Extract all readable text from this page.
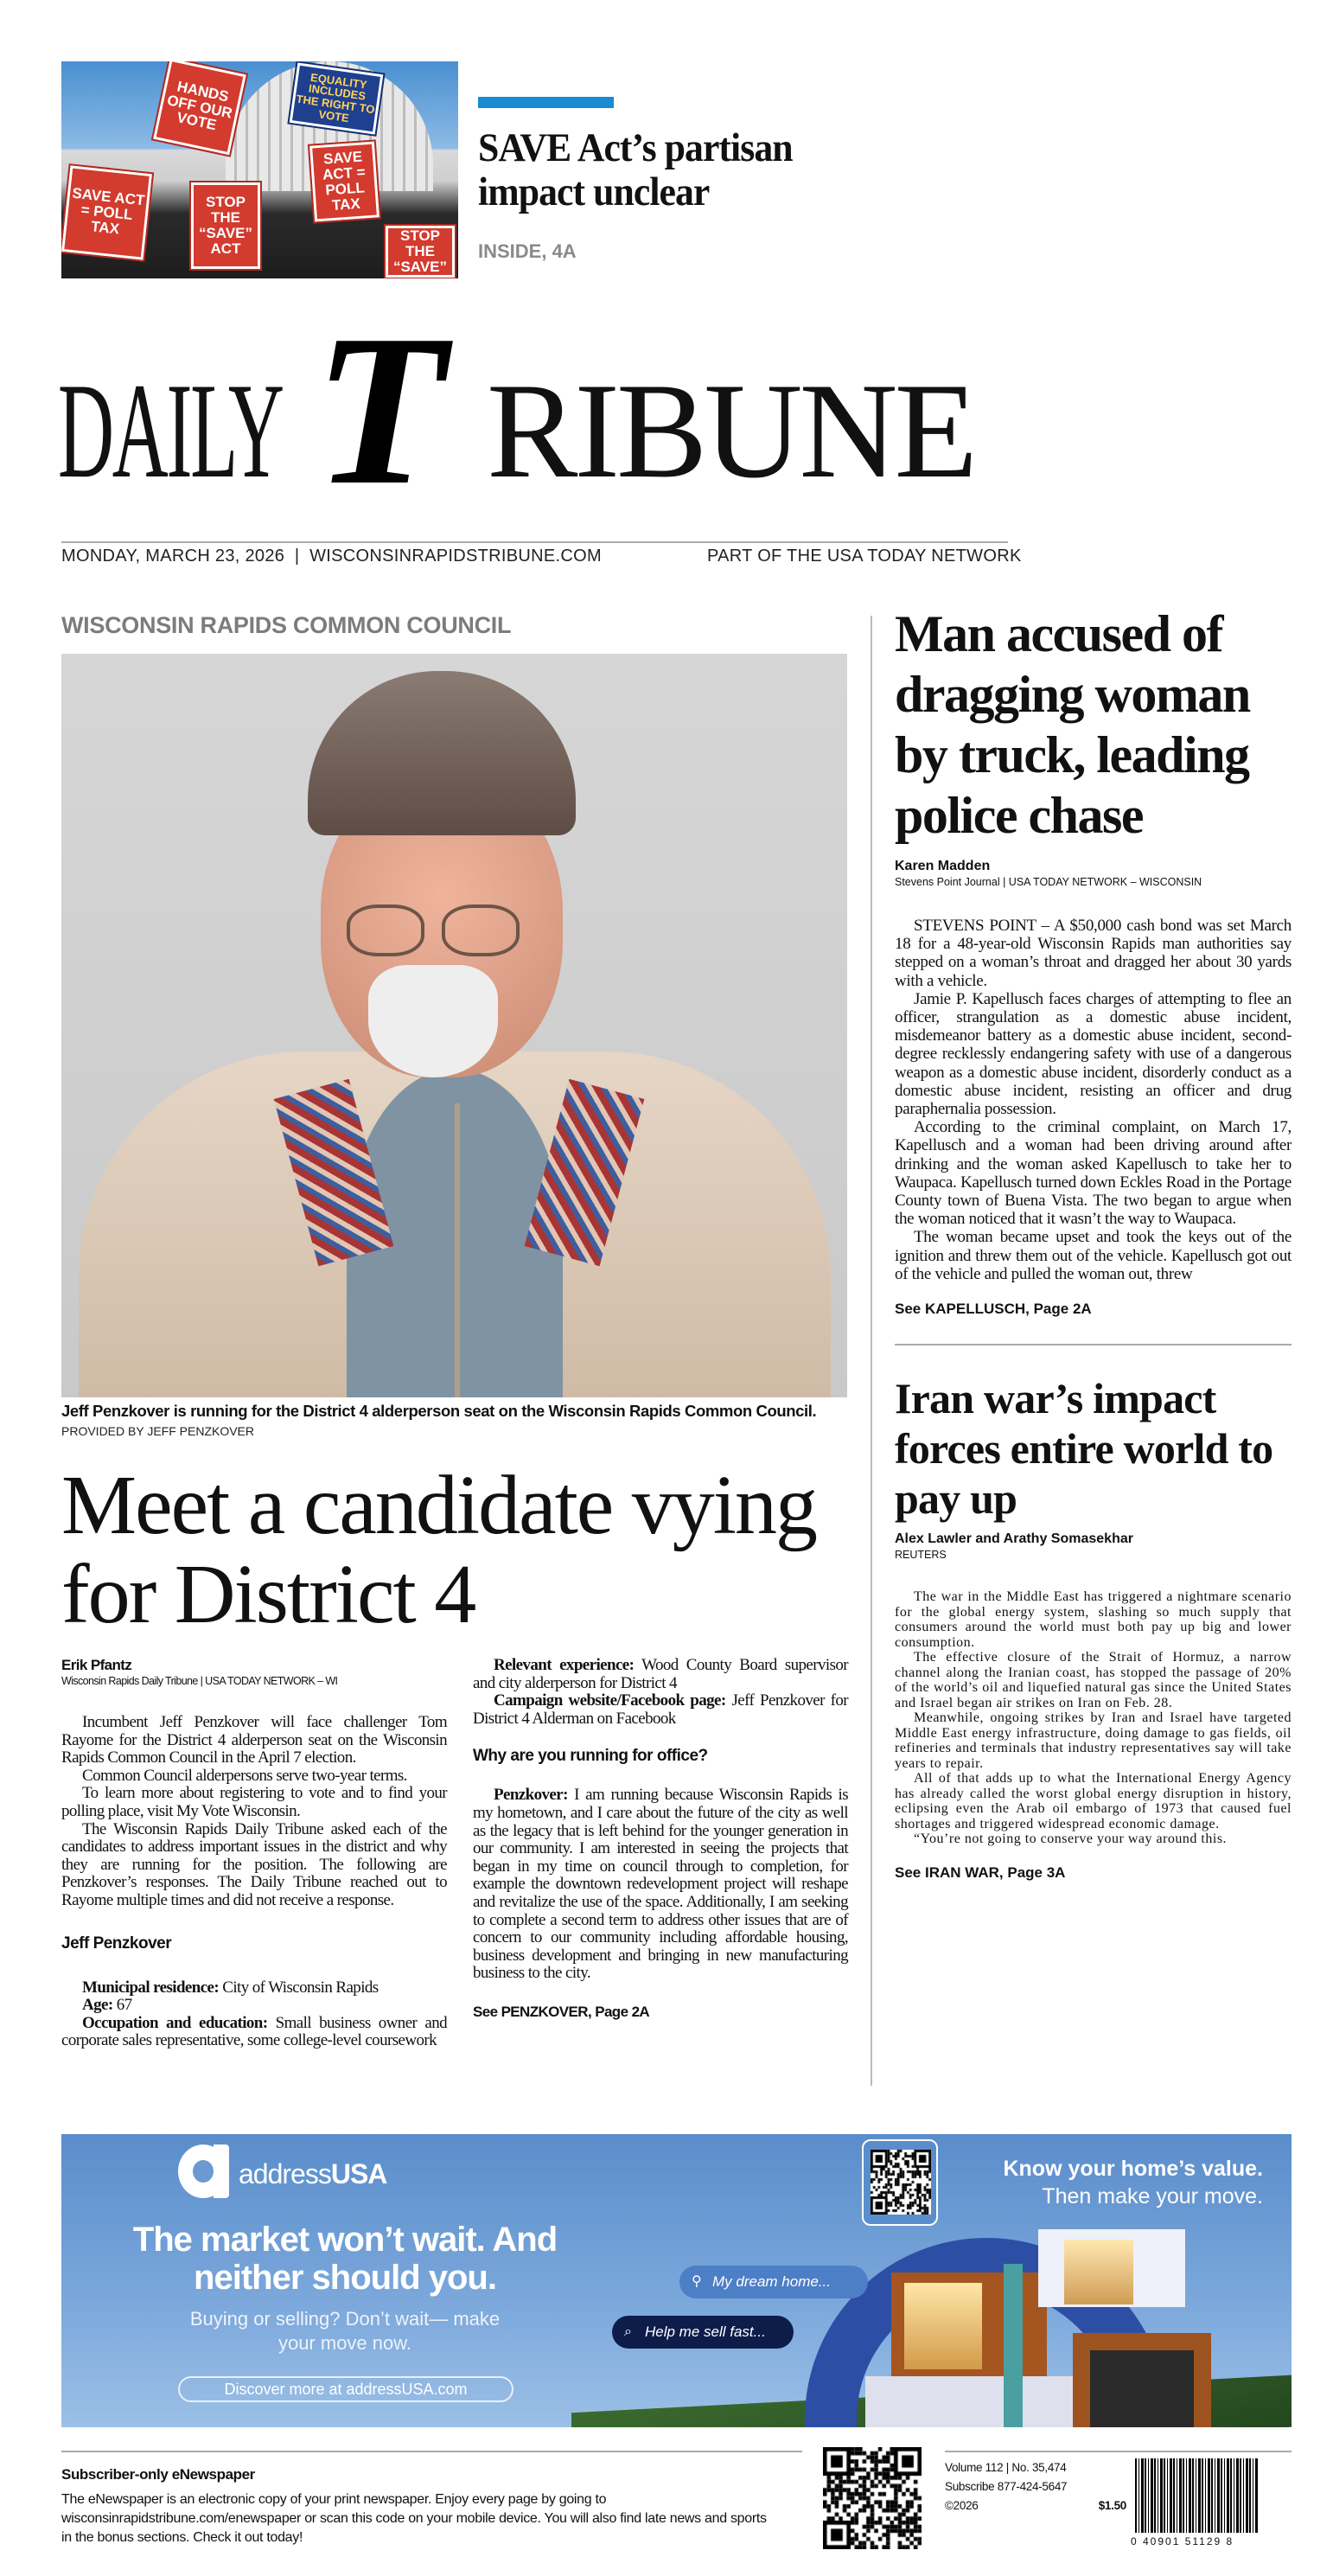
HANDS OFF OUR VOTE
EQUALITY INCLUDES THE RIGHT TO VOTE
SAVE ACT = POLL TAX
STOP THE “SAVE” ACT
SAVE ACT = POLL TAX
STOP THE “SAVE”
SAVE Act’s partisan impact unclear
INSIDE, 4A
DAILY T RIBUNE
MONDAY, MARCH 23, 2026  |  WISCONSINRAPIDSTRIBUNE.COM	PART OF THE USA TODAY NETWORK
WISCONSIN RAPIDS COMMON COUNCIL
Jeff Penzkover is running for the District 4 alderperson seat on the Wisconsin Rapids Common Council.
PROVIDED BY JEFF PENZKOVER
Meet a candidate vying for District 4
Erik Pfantz
Wisconsin Rapids Daily Tribune | USA TODAY NETWORK – WI

Incumbent Jeff Penzkover will face challenger Tom Rayome for the District 4 alderperson seat on the Wisconsin Rapids Common Council in the April 7 election.

Common Council alderpersons serve two-year terms.

To learn more about registering to vote and to find your polling place, visit My Vote Wisconsin.

The Wisconsin Rapids Daily Tribune asked each of the candidates to address important issues in the district and why they are running for the position. The following are Penzkover’s responses. The Daily Tribune reached out to Rayome multiple times and did not receive a response.

Jeff Penzkover

Municipal residence: City of Wisconsin Rapids

Age: 67

Occupation and education: Small business owner and corporate sales representative, some college-level coursework

Relevant experience: Wood County Board supervisor and city alderperson for District 4

Campaign website/Facebook page: Jeff Penzkover for District 4 Alderman on Facebook

Why are you running for office?

Penzkover: I am running because Wisconsin Rapids is my hometown, and I care about the future of the city as well as the legacy that is left behind for the younger generation in our community. I am interested in seeing the projects that began in my time on council through to completion, for example the downtown redevelopment project will reshape and revitalize the use of the space. Additionally, I am seeking to complete a second term to address other issues that are of concern to our community including affordable housing, business development and bringing in new manufacturing business to the city.

See PENZKOVER, Page 2A
Man accused of dragging woman by truck, leading police chase
Karen Madden
Stevens Point Journal | USA TODAY NETWORK – WISCONSIN

STEVENS POINT – A $50,000 cash bond was set March 18 for a 48-year-old Wisconsin Rapids man authorities say stepped on a woman’s throat and dragged her about 30 yards with a vehicle.

Jamie P. Kapellusch faces charges of attempting to flee an officer, strangulation as a domestic abuse incident, misdemeanor battery as a domestic abuse incident, second-degree recklessly endangering safety with use of a dangerous weapon as a domestic abuse incident, disorderly conduct as a domestic abuse incident, resisting an officer and drug paraphernalia possession.

According to the criminal complaint, on March 17, Kapellusch and a woman had been driving around after drinking and the woman asked Kapellusch to take her to Waupaca. Kapellusch turned down Eckles Road in the Portage County town of Buena Vista. The two began to argue when the woman noticed that it wasn’t the way to Waupaca.

The woman became upset and took the keys out of the ignition and threw them out of the vehicle. Kapellusch got out of the vehicle and pulled the woman out, threw

See KAPELLUSCH, Page 2A
Iran war’s impact forces entire world to pay up
Alex Lawler and Arathy Somasekhar
REUTERS

The war in the Middle East has triggered a nightmare scenario for the global energy system, slashing so much supply that consumers around the world must both pay up big and lower consumption.

The effective closure of the Strait of Hormuz, a narrow channel along the Iranian coast, has stopped the passage of 20% of the world’s oil and liquefied natural gas since the United States and Israel began air strikes on Iran on Feb. 28.

Meanwhile, ongoing strikes by Iran and Israel have targeted Middle East energy infrastructure, doing damage to gas fields, oil refineries and terminals that industry representatives say will take years to repair.

All of that adds up to what the International Energy Agency has already called the worst global energy disruption in history, eclipsing even the Arab oil embargo of 1973 that caused fuel shortages and triggered widespread economic damage.

“You’re not going to conserve your way around this.

See IRAN WAR, Page 3A
addressUSA
The market won’t wait. And neither should you.
Buying or selling? Don’t wait— make your move now.
Discover more at addressUSA.com
Know your home’s value.
Then make your move.
⚲ My dream home...
⌕ Help me sell fast...
Subscriber-only eNewspaper
The eNewspaper is an electronic copy of your print newspaper. Enjoy every page by going to wisconsinrapidstribune.com/enewspaper or scan this code on your mobile device. You will also find late news and sports in the bonus sections. Check it out today!
Volume 112 | No. 35,474
Subscribe 877-424-5647
©2026	$1.50
0 40901 51129 8
